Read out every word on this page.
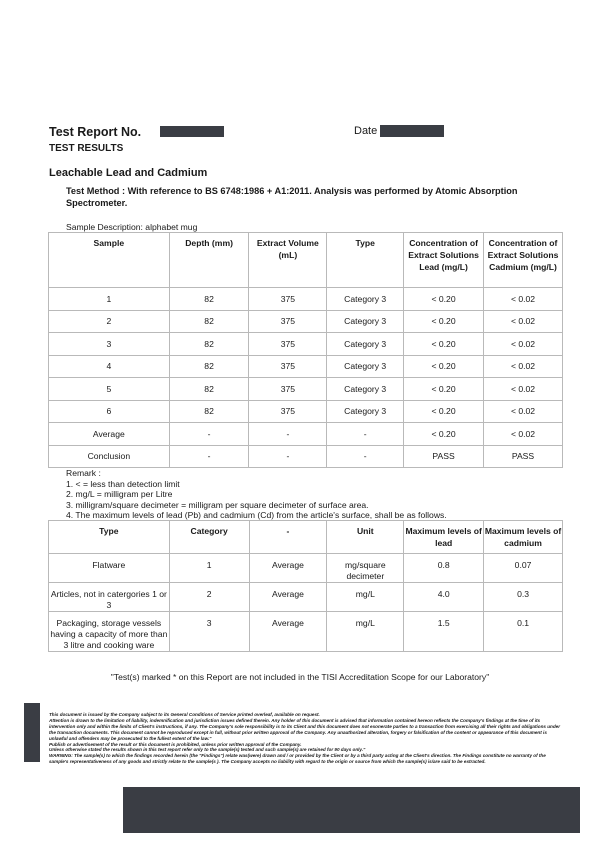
Test Report No.	Date
TEST RESULTS
Leachable Lead and Cadmium
Test Method : With reference to BS 6748:1986 + A1:2011. Analysis was performed by Atomic Absorption Spectrometer.
Sample Description: alphabet mug
Sample	Depth (mm)	Extract Volume (mL)	Type	Concentration of Extract Solutions Lead (mg/L)	Concentration of Extract Solutions Cadmium (mg/L)
1	82	375	Category 3	< 0.20	< 0.02
2	82	375	Category 3	< 0.20	< 0.02
3	82	375	Category 3	< 0.20	< 0.02
4	82	375	Category 3	< 0.20	< 0.02
5	82	375	Category 3	< 0.20	< 0.02
6	82	375	Category 3	< 0.20	< 0.02
Average	-	-	-	< 0.20	< 0.02
Conclusion	-	-	-	PASS	PASS
Remark :
1. < = less than detection limit
2. mg/L = milligram per Litre
3. milligram/square decimeter = milligram per square decimeter of surface area.
4. The maximum levels of lead (Pb) and cadmium (Cd) from the article's surface, shall be as follows.
Type	Category	-	Unit	Maximum levels of lead	Maximum levels of cadmium
Flatware	1	Average	mg/square decimeter	0.8	0.07
Articles, not in catergories 1 or 3	2	Average	mg/L	4.0	0.3
Packaging, storage vessels having a capacity of more than 3 litre and cooking ware	3	Average	mg/L	1.5	0.1
"Test(s) marked * on this Report are not included in the TISI Accreditation Scope for our Laboratory"
This document is issued by the Company subject to its General Conditions of Service printed overleaf, available on request.
Attention is drawn to the limitation of liability, indemnification and jurisdiction issues defined therein. Any holder of this document is advised that information contained hereon reflects the Company's findings at the time of its intervention only and within the limits of Client's instructions, if any. The Company's sole responsibility is to its Client and this document does not exonerate parties to a transaction from exercising all their rights and obligations under the transaction documents. This document cannot be reproduced except in full, without prior written approval of the Company. Any unauthorized alteration, forgery or falsification of the content or appearance of this document is unlawful and offenders may be prosecuted to the fullest extent of the law."
Publish or advertisement of the result or this document is prohibited, unless prior written approval of the Company.
Unless otherwise stated the results shown in this test report refer only to the sample(s) tested and such sample(s) are retained for 90 days only."
WARNING: The sample(s) to which the findings recorded herein (the "Findings") relate was(were) drawn and / or provided by the Client or by a third party acting at the Client's direction. The Findings constitute no warranty of the sample's representativeness of any goods and strictly relate to the sample(s ). The Company accepts no liability with regard to the origin or source from which the sample(s) is/are said to be extracted.
